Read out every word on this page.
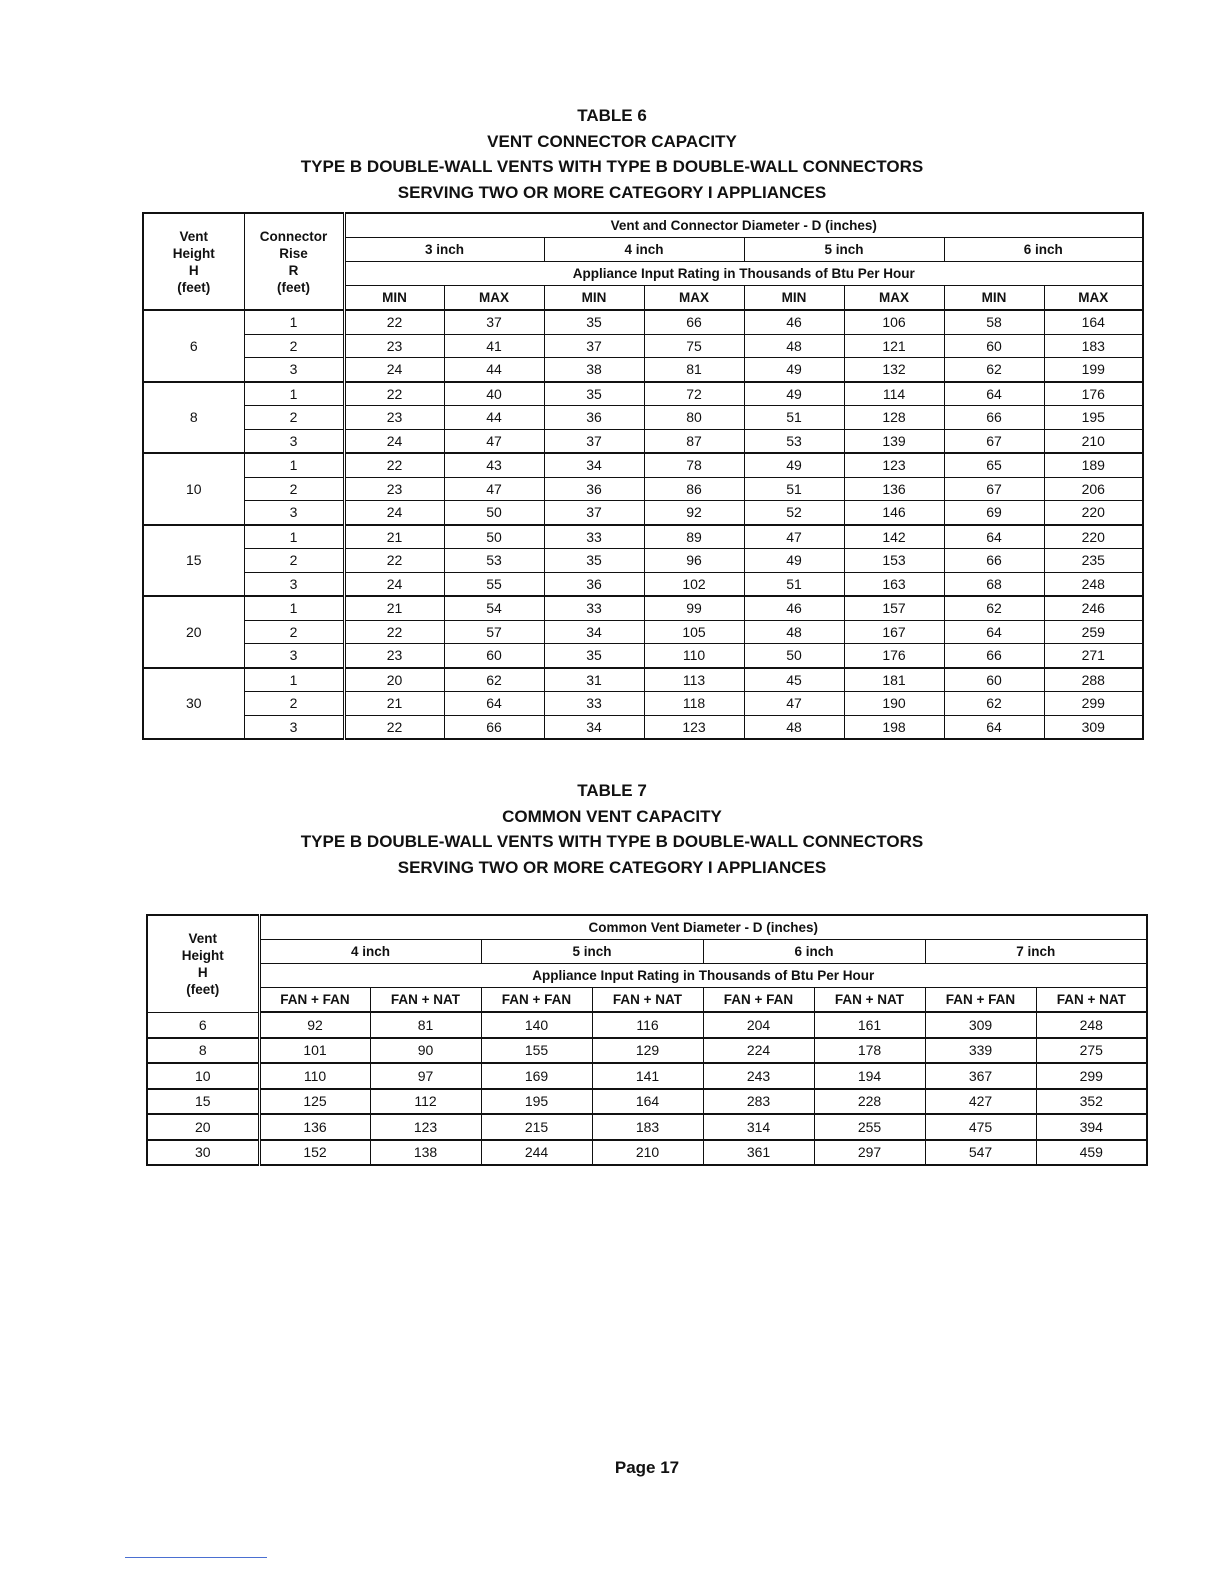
TABLE 6
VENT CONNECTOR CAPACITY
TYPE B DOUBLE-WALL VENTS WITH TYPE B DOUBLE-WALL CONNECTORS
SERVING TWO OR MORE CATEGORY I APPLIANCES
Vent
Height
H
(feet)	Connector
Rise
R
(feet)	Vent and Connector Diameter - D (inches)							
		3 inch		4 inch		5 inch		6 inch	
		Appliance Input Rating in Thousands of Btu Per Hour							
		MIN	MAX	MIN	MAX	MIN	MAX	MIN	MAX
6	1	22	37	35	66	46	106	58	164
	2	23	41	37	75	48	121	60	183
	3	24	44	38	81	49	132	62	199
8	1	22	40	35	72	49	114	64	176
	2	23	44	36	80	51	128	66	195
	3	24	47	37	87	53	139	67	210
10	1	22	43	34	78	49	123	65	189
	2	23	47	36	86	51	136	67	206
	3	24	50	37	92	52	146	69	220
15	1	21	50	33	89	47	142	64	220
	2	22	53	35	96	49	153	66	235
	3	24	55	36	102	51	163	68	248
20	1	21	54	33	99	46	157	62	246
	2	22	57	34	105	48	167	64	259
	3	23	60	35	110	50	176	66	271
30	1	20	62	31	113	45	181	60	288
	2	21	64	33	118	47	190	62	299
	3	22	66	34	123	48	198	64	309
TABLE 7
COMMON VENT CAPACITY
TYPE B DOUBLE-WALL VENTS WITH TYPE B DOUBLE-WALL CONNECTORS
SERVING TWO OR MORE CATEGORY I APPLIANCES
Vent
Height
H
(feet)	Common Vent Diameter - D (inches)							
	4 inch		5 inch		6 inch		7 inch	
	Appliance Input Rating in Thousands of Btu Per Hour							
	FAN + FAN	FAN + NAT	FAN + FAN	FAN + NAT	FAN + FAN	FAN + NAT	FAN + FAN	FAN + NAT
6	92	81	140	116	204	161	309	248
8	101	90	155	129	224	178	339	275
10	110	97	169	141	243	194	367	299
15	125	112	195	164	283	228	427	352
20	136	123	215	183	314	255	475	394
30	152	138	244	210	361	297	547	459
Page 17
